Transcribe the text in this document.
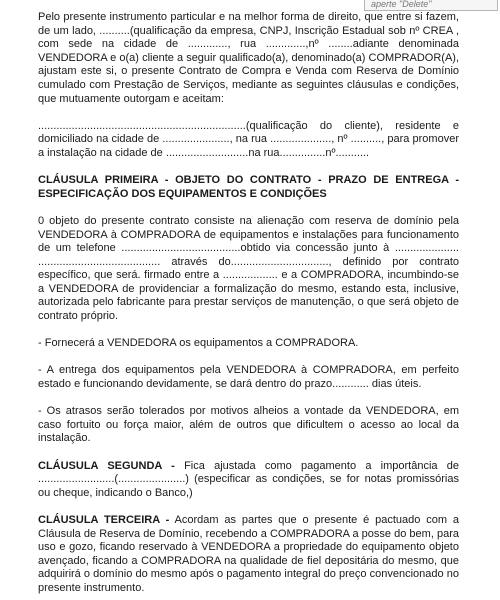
aperte "Delete"

Pelo presente instrumento particular e na melhor forma de direito, que entre si fazem, de um lado, ..........(qualificação da empresa, CNPJ, Inscrição Estadual sob nº CREA , com sede na cidade de ............., rua .............,nº ........adiante denominada VENDEDORA e o(a) cliente a seguir qualificado(a), denominado(a) COMPRADOR(A), ajustam este si, o presente Contrato de Compra e Venda com Reserva de Domínio cumulado com Prestação de Serviços, mediante as seguintes cláusulas e condições, que mutuamente outorgam e aceitam:

....................................................................(qualificação do cliente), residente e domiciliado na cidade de ......................, na rua ...................., nº .........., para promover a instalação na cidade de ...........................na rua...............nº...........

CLÁUSULA PRIMEIRA - OBJETO DO CONTRATO - PRAZO DE ENTREGA - ESPECIFICAÇÃO DOS EQUIPAMENTOS E CONDIÇÕES

0 objeto do presente contrato consiste na alienação com reserva de domínio pela VENDEDORA à COMPRADORA de equipamentos e instalações para funcionamento de um telefone .......................................obtido via concessão junto à ..................... ........................................ através do................................, definido por contrato específico, que será. firmado entre a .................. e a COMPRADORA, incumbindo-se a VENDEDORA de providenciar a formalização do mesmo, estando esta, inclusive, autorizada pelo fabricante para prestar serviços de manutenção, o que será objeto de contrato próprio.

- Fornecerá a VENDEDORA os equipamentos a COMPRADORA.

- A entrega dos equipamentos pela VENDEDORA à COMPRADORA, em perfeito estado e funcionando devidamente, se dará dentro do prazo............ dias úteis.

- Os atrasos serão tolerados por motivos alheios a vontade da VENDEDORA, em caso fortuito ou força maior, além de outros que dificultem o acesso ao local da instalação.

CLÁUSULA SEGUNDA - Fica ajustada como pagamento a importância de .........................(......................) (especificar as condições, se for notas promissórias ou cheque, indicando o Banco,)

CLÁUSULA TERCEIRA - Acordam as partes que o presente é pactuado com a Cláusula de Reserva de Domínio, recebendo a COMPRADORA a posse do bem, para uso e gozo, ficando reservado à VENDEDORA a propriedade do equipamento objeto avençado, ficando a COMPRADORA na qualidade de fiel depositária do mesmo, que adquirirá o domínio do mesmo após o pagamento integral do preço convencionado no presente instrumento.
